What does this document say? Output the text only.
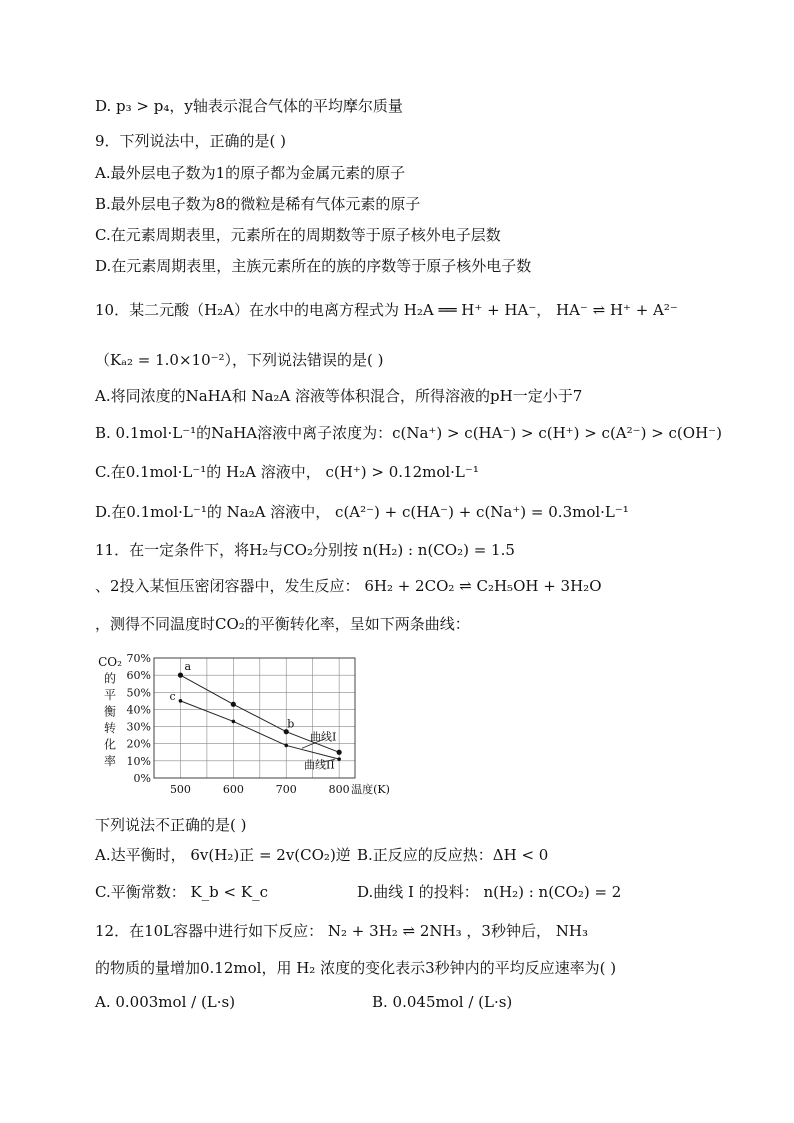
D. p₃ > p₄，y轴表示混合气体的平均摩尔质量
9．下列说法中，正确的是( )
A.最外层电子数为1的原子都为金属元素的原子
B.最外层电子数为8的微粒是稀有气体元素的原子
C.在元素周期表里，元素所在的周期数等于原子核外电子层数
D.在元素周期表里，主族元素所在的族的序数等于原子核外电子数
10．某二元酸（H₂A）在水中的电离方程式为 H₂A ══ H⁺ + HA⁻， HA⁻ ⇌ H⁺ + A²⁻
（Kₐ₂ = 1.0×10⁻²），下列说法错误的是( )
A.将同浓度的NaHA和 Na₂A 溶液等体积混合，所得溶液的pH一定小于7
B. 0.1mol·L⁻¹的NaHA溶液中离子浓度为：c(Na⁺) > c(HA⁻) > c(H⁺) > c(A²⁻) > c(OH⁻)
C.在0.1mol·L⁻¹的 H₂A 溶液中， c(H⁺) > 0.12mol·L⁻¹
D.在0.1mol·L⁻¹的 Na₂A 溶液中， c(A²⁻) + c(HA⁻) + c(Na⁺) = 0.3mol·L⁻¹
11．在一定条件下，将H₂与CO₂分别按 n(H₂) : n(CO₂) = 1.5
、2投入某恒压密闭容器中，发生反应： 6H₂ + 2CO₂ ⇌ C₂H₅OH + 3H₂O
，测得不同温度时CO₂的平衡转化率，呈如下两条曲线：
CO₂
的
平
衡
转
化
率
0%
10%
20%
30%
40%
50%
60%
70%
500	600	700	800
曲线I
曲线II
a
b
c
温度(K)
下列说法不正确的是( )
A.达平衡时， 6v(H₂)正 = 2v(CO₂)逆 B.正反应的反应热：ΔH < 0
C.平衡常数： K_b < K_c	D.曲线 I 的投料： n(H₂) : n(CO₂) = 2
12．在10L容器中进行如下反应： N₂ + 3H₂ ⇌ 2NH₃ ，3秒钟后， NH₃
的物质的量增加0.12mol，用 H₂ 浓度的变化表示3秒钟内的平均反应速率为( )
A. 0.003mol / (L·s)	B. 0.045mol / (L·s)
